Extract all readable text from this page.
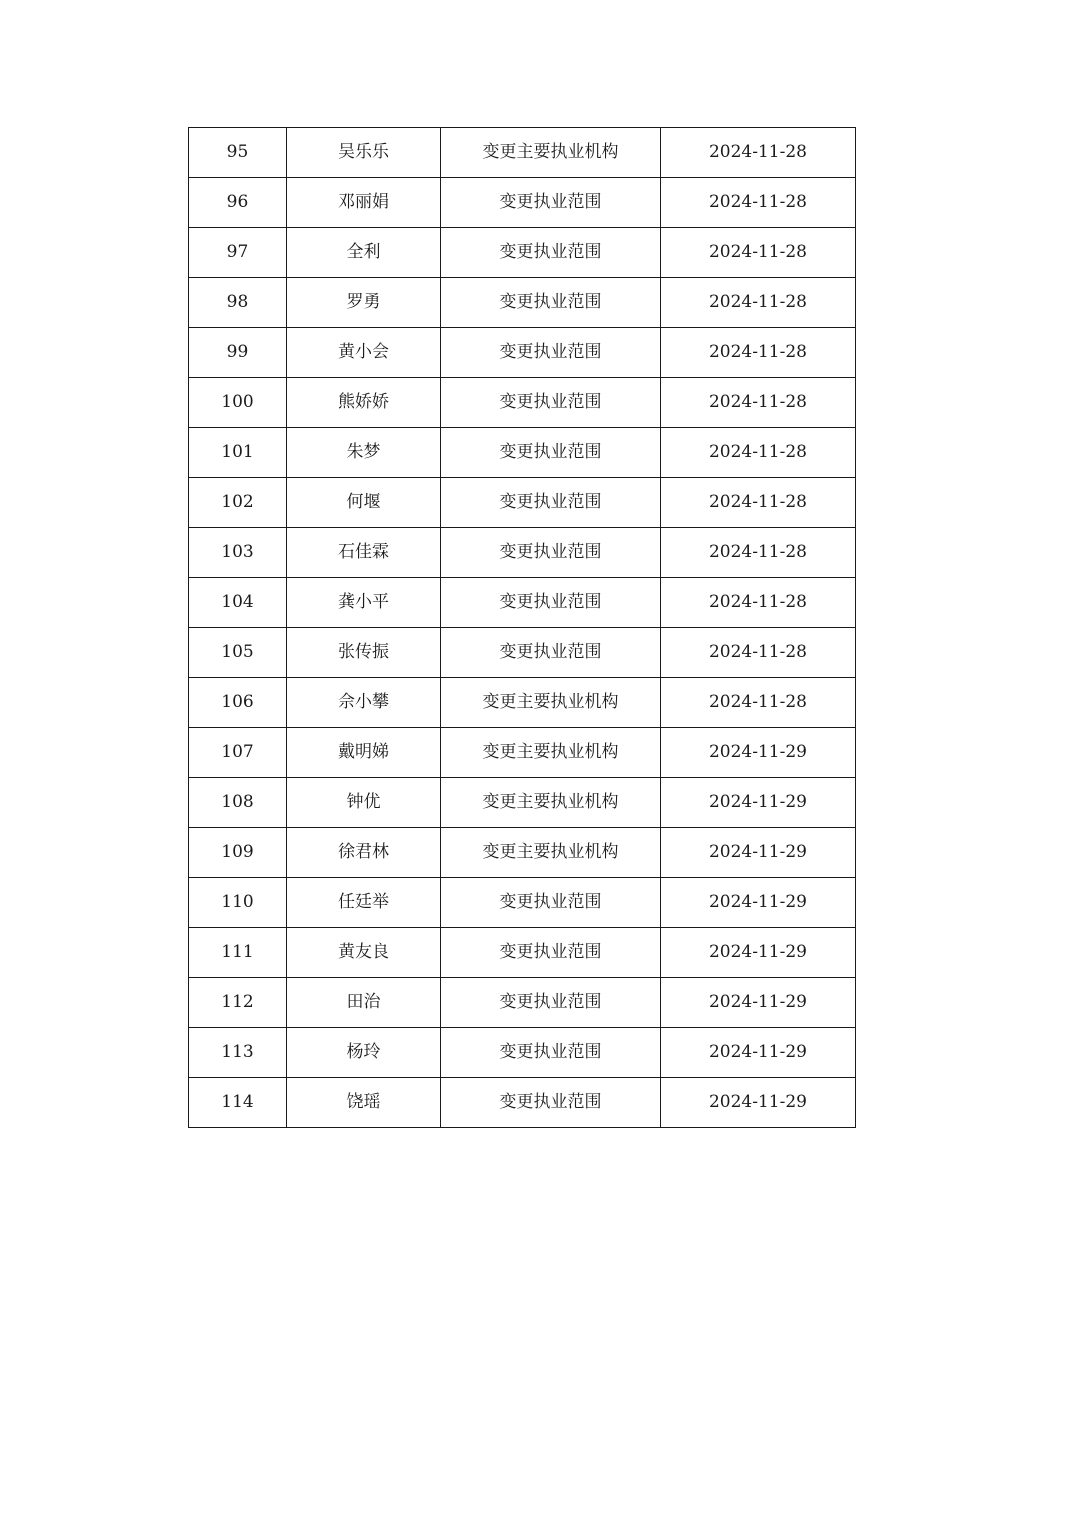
95	吴乐乐	变更主要执业机构	2024-11-28
96	邓丽娟	变更执业范围	2024-11-28
97	全利	变更执业范围	2024-11-28
98	罗勇	变更执业范围	2024-11-28
99	黄小会	变更执业范围	2024-11-28
100	熊娇娇	变更执业范围	2024-11-28
101	朱梦	变更执业范围	2024-11-28
102	何堰	变更执业范围	2024-11-28
103	石佳霖	变更执业范围	2024-11-28
104	龚小平	变更执业范围	2024-11-28
105	张传振	变更执业范围	2024-11-28
106	佘小攀	变更主要执业机构	2024-11-28
107	戴明娣	变更主要执业机构	2024-11-29
108	钟优	变更主要执业机构	2024-11-29
109	徐君林	变更主要执业机构	2024-11-29
110	任廷举	变更执业范围	2024-11-29
111	黄友良	变更执业范围	2024-11-29
112	田治	变更执业范围	2024-11-29
113	杨玲	变更执业范围	2024-11-29
114	饶瑶	变更执业范围	2024-11-29
